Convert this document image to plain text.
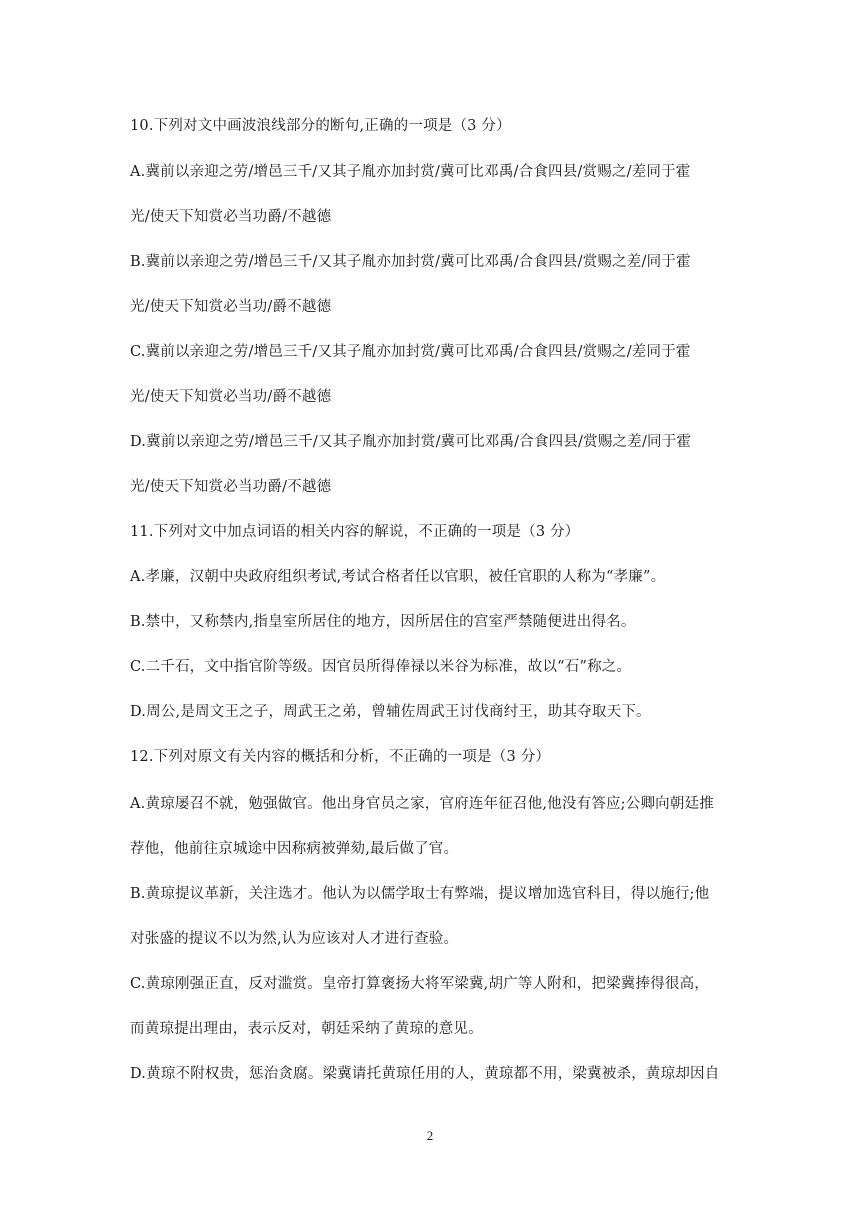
10.下列对文中画波浪线部分的断句,正确的一项是（3 分）
A.冀前以亲迎之劳/增邑三千/又其子胤亦加封赏/冀可比邓禹/合食四县/赏赐之/差同于霍
光/使天下知赏必当功爵/不越德
B.冀前以亲迎之劳/增邑三千/又其子胤亦加封赏/冀可比邓禹/合食四县/赏赐之差/同于霍
光/使天下知赏必当功/爵不越德
C.冀前以亲迎之劳/增邑三千/又其子胤亦加封赏/冀可比邓禹/合食四县/赏赐之/差同于霍
光/使天下知赏必当功/爵不越德
D.冀前以亲迎之劳/增邑三千/又其子胤亦加封赏/冀可比邓禹/合食四县/赏赐之差/同于霍
光/使天下知赏必当功爵/不越德
11.下列对文中加点词语的相关内容的解说，不正确的一项是（3 分）
A.孝廉，汉朝中央政府组织考试,考试合格者任以官职，被任官职的人称为“孝廉”。
B.禁中，又称禁内,指皇室所居住的地方，因所居住的宫室严禁随便进出得名。
C.二千石，文中指官阶等级。因官员所得俸禄以米谷为标准，故以“石”称之。
D.周公,是周文王之子，周武王之弟，曾辅佐周武王讨伐商纣王，助其夺取天下。
12.下列对原文有关内容的概括和分析，不正确的一项是（3 分）
A.黄琼屡召不就，勉强做官。他出身官员之家，官府连年征召他,他没有答应;公卿向朝廷推
荐他，他前往京城途中因称病被弹劾,最后做了官。
B.黄琼提议革新，关注选才。他认为以儒学取士有弊端，提议增加选官科目，得以施行;他
对张盛的提议不以为然,认为应该对人才进行查验。
C.黄琼刚强正直，反对滥赏。皇帝打算褒扬大将军梁冀,胡广等人附和，把梁冀捧得很高，
而黄琼提出理由，表示反对，朝廷采纳了黄琼的意见。
D.黄琼不附权贵，惩治贪腐。梁冀请托黄琼任用的人，黄琼都不用，梁冀被杀，黄琼却因自
2
